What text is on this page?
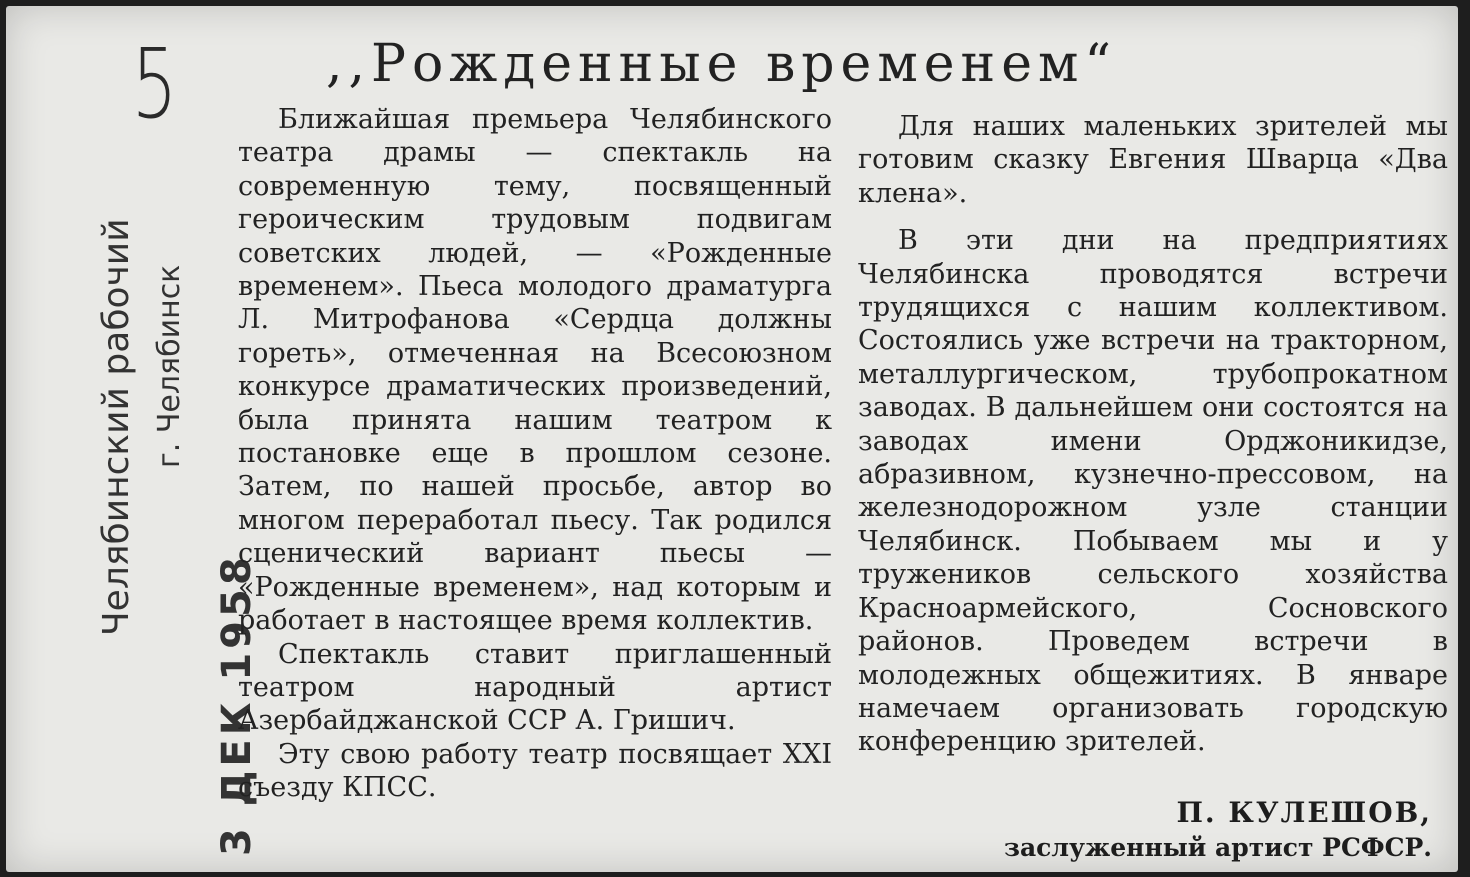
5	,,Рожденные временем“
Челябинский рабочий г. Челябинск
3 ДЕК 1958

Ближайшая премьера Челябинского театра драмы — спектакль на современную тему, посвященный героическим трудовым подвигам советских людей, — «Рожденные временем». Пьеса молодого драматурга Л. Митрофанова «Сердца должны гореть», отмеченная на Всесоюзном конкурсе драматических произведений, была принята нашим театром к постановке еще в прошлом сезоне. Затем, по нашей просьбе, автор во многом переработал пьесу. Так родился сценический вариант пьесы — «Рожденные временем», над которым и работает в настоящее время коллектив.

Спектакль ставит приглашенный театром народный артист Азербайджанской ССР А. Гришич.

Эту свою работу театр посвящает XXI съезду КПСС.

Для наших маленьких зрителей мы готовим сказку Евгения Шварца «Два клена».

В эти дни на предприятиях Челябинска проводятся встречи трудящихся с нашим коллективом. Состоялись уже встречи на тракторном, металлургическом, трубопрокатном заводах. В дальнейшем они состоятся на заводах имени Орджоникидзе, абразивном, кузнечно-прессовом, на железнодорожном узле станции Челябинск. Побываем мы и у тружеников сельского хозяйства Красноармейского, Сосновского районов. Проведем встречи в молодежных общежитиях. В январе намечаем организовать городскую конференцию зрителей.

П. КУЛЕШОВ,
заслуженный артист РСФСР.
